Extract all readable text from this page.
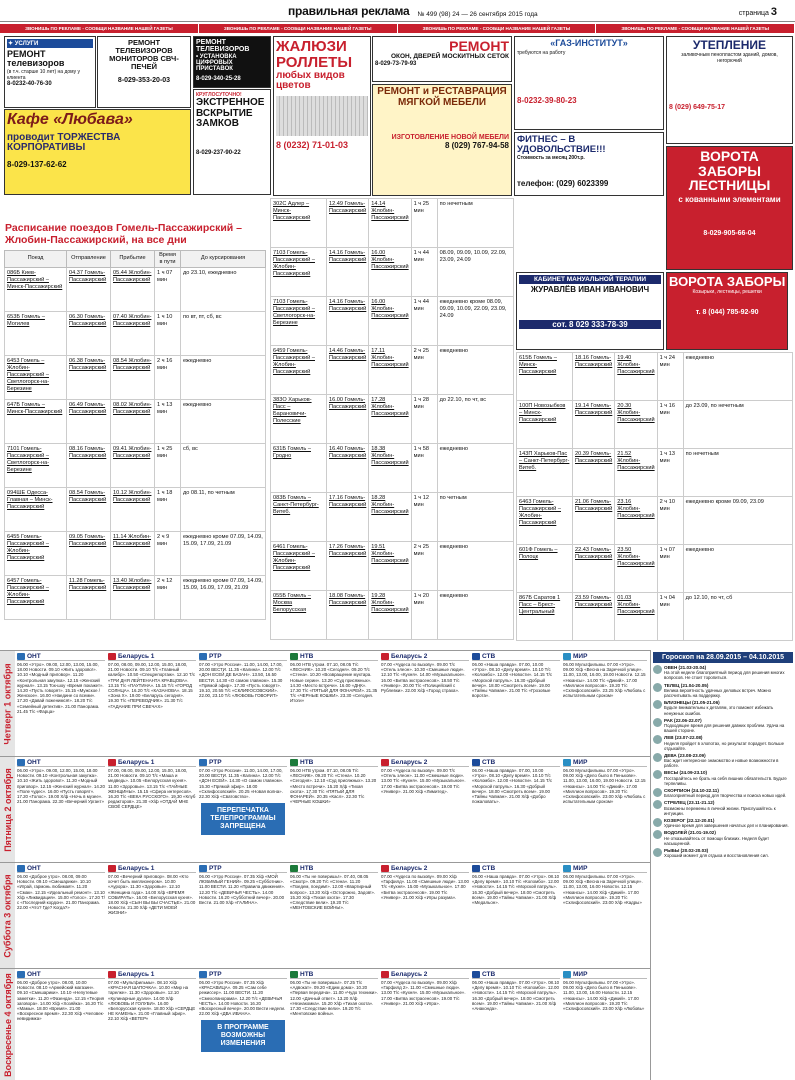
правильная реклама № 499 (98) 24 — 26 сентября 2015 года	страница 3
ЗВОНИШЬ ПО РЕКЛАМЕ - СООБЩИ НАЗВАНИЕ НАШЕЙ ГАЗЕТЫ	ЗВОНИШЬ ПО РЕКЛАМЕ - СООБЩИ НАЗВАНИЕ НАШЕЙ ГАЗЕТЫ	ЗВОНИШЬ ПО РЕКЛАМЕ - СООБЩИ НАЗВАНИЕ НАШЕЙ ГАЗЕТЫ	ЗВОНИШЬ ПО РЕКЛАМЕ - СООБЩИ НАЗВАНИЕ НАШЕЙ ГАЗЕТЫ
✦ УСЛУГИ
РЕМОНТ телевизоров
(в т.ч. старше 10 лет) на дому у клиента
8-0232-40-76-30
РЕМОНТ ТЕЛЕВИЗОРОВ МОНИТОРОВ СВЧ-ПЕЧЕЙ
8-029-353-20-03
Кафе «Любава»
проводит ТОРЖЕСТВА КОРПОРАТИВЫ
8-029-137-62-62
РЕМОНТ ТЕЛЕВИЗОРОВ
• УСТАНОВКА ЦИФРОВЫХ ПРИСТАВОК
8-029-340-25-28
КРУГЛОСУТОЧНО!
ЭКСТРЕННОЕ ВСКРЫТИЕ ЗАМКОВ
8-029-237-90-22
ЖАЛЮЗИ РОЛЛЕТЫ
любых видов цветов
8 (0232) 71-01-03
РЕМОНТ
ОКОН, ДВЕРЕЙ МОСКИТНЫХ СЕТОК
8-029-73-79-93
РЕМОНТ и РЕСТАВРАЦИЯ МЯГКОЙ МЕБЕЛИ
ИЗГОТОВЛЕНИЕ НОВОЙ МЕБЕЛИ
8 (029) 767-94-58
«ГАЗ-ИНСТИТУТ»
требуются на работу
8-0232-39-80-23
ФИТНЕС – В УДОВОЛЬСТВИЕ!!!
Стоимость за месяц 200т.р.
телефон: (029) 6023399
УТЕПЛЕНИЕ
заливочным пенопластом зданий, домов, негорючий
8 (029) 649-75-17
ВОРОТА ЗАБОРЫ ЛЕСТНИЦЫ
с кованными элементами
8-029-905-66-04
Расписание поездов Гомель-Пассажирский – Жлобин-Пассажирский, на все дни
Поезд	Отправление	Прибытие	Время в пути	До курсирования
086Б Киев-Пассажирский – Минск-Пассажирский	04.37 Гомель-Пассажирский	05.44 Жлобин-Пассажирский	1 ч 07 мин	до 23.10, ежедневно
653Б Гомель – Могилев	06.30 Гомель-Пассажирский	07.40 Жлобин-Пассажирский	1 ч 10 мин	по вт, пт, сб, вс
6453 Гомель – Жлобин-Пассажирский – Светлогорск-на-Березине	06.38 Гомель-Пассажирский	08.54 Жлобин-Пассажирский	2 ч 16 мин	ежедневно
647Б Гомель – Минск-Пассажирский	06.49 Гомель-Пассажирский	08.02 Жлобин-Пассажирский	1 ч 13 мин	ежедневно
7101 Гомель-Пассажирский – Светлогорск-на-Березине	08.16 Гомель-Пассажирский	09.41 Жлобин-Пассажирский	1 ч 25 мин	сб, вс
094ШЕ Одесса-Главная – Минск-Пассажирский	08.54 Гомель-Пассажирский	10.12 Жлобин-Пассажирский	1 ч 18 мин	до 08.11, по четным
6455 Гомель-Пассажирский – Жлобин-Пассажирский	09.05 Гомель-Пассажирский	11.14 Жлобин-Пассажирский	2 ч 9 мин	ежедневно кроме 07.09, 14.09, 15.09, 17.09, 21.09
6457 Гомель-Пассажирский – Жлобин-Пассажирский	11.28 Гомель-Пассажирский	13.40 Жлобин-Пассажирский	2 ч 12 мин	ежедневно кроме 07.09, 14.09, 15.09, 16.09, 17.09, 21.09
302С Адлер – Минск-Пассажирский	12.49 Гомель-Пассажирский	14.14 Жлобин-Пассажирский	1 ч 25 мин	по нечетным
7103 Гомель-Пассажирский – Жлобин-Пассажирский	14.16 Гомель-Пассажирский	16.00 Жлобин-Пассажирский	1 ч 44 мин	08.09, 09.09, 10.09, 22.09, 23.09, 24.09
7103 Гомель-Пассажирский – Светлогорск-на-Березине	14.16 Гомель-Пассажирский	16.00 Жлобин-Пассажирский	1 ч 44 мин	ежедневно кроме 08.09, 09.09, 10.09, 22.09, 23.09, 24.09
6459 Гомель-Пассажирский – Жлобин-Пассажирский	14.46 Гомель-Пассажирский	17.11 Жлобин-Пассажирский	2 ч 25 мин	ежедневно
383О Харьков-Пасс – Барановичи-Полесские	16.00 Гомель-Пассажирский	17.28 Жлобин-Пассажирский	1 ч 28 мин	до 22.10, по чт, вс
631Б Гомель – Гродно	16.40 Гомель-Пассажирский	18.38 Жлобин-Пассажирский	1 ч 58 мин	ежедневно
083Б Гомель – Санкт-Петербург-Витеб.	17.16 Гомель-Пассажирский	18.28 Жлобин-Пассажирский	1 ч 12 мин	по четным
6461 Гомель-Пассажирский – Жлобин-Пассажирский	17.26 Гомель-Пассажирский	19.51 Жлобин-Пассажирский	2 ч 25 мин	ежедневно
055Б Гомель – Москва Белорусская	18.08 Гомель-Пассажирский	19.28 Жлобин-Пассажирский	1 ч 20 мин	ежедневно
КАБИНЕТ МАНУАЛЬНОЙ ТЕРАПИИ
ЖУРАВЛЁВ ИВАН ИВАНОВИЧ
сот. 8 029 333-78-39
ВОРОТА ЗАБОРЫ
Козырьки, лестницы, решетки
т. 8 (044) 785-92-90
615Б Гомель – Минск-Пассажирский	18.16 Гомель-Пассажирский	19.40 Жлобин-Пассажирский	1 ч 24 мин	ежедневно
100П Новозыбков – Минск-Пассажирский	19.14 Гомель-Пассажирский	20.30 Жлобин-Пассажирский	1 ч 16 мин	до 23.09, по нечетным
143П Харьков-Пас – Санкт-Петербург-Витеб.	20.39 Гомель-Пассажирский	21.52 Жлобин-Пассажирский	1 ч 13 мин	по нечетным
6463 Гомель-Пассажирский – Жлобин-Пассажирский	21.06 Гомель-Пассажирский	23.16 Жлобин-Пассажирский	2 ч 10 мин	ежедневно кроме 09.09, 23.09
601Ф Гомель – Полоцк	22.43 Гомель-Пассажирский	23.50 Жлобин-Пассажирский	1 ч 07 мин	ежедневно
867Б Саратов 1 Пасс – Брест-Центральный	23.59 Гомель-Пассажирский	01.03 Жлобин-Пассажирский	1 ч 04 мин	до 12.10, по чт, сб
Четверг 1 октября
ОНТ
06.00 «Утро». 09.00, 12.00, 13.00, 15.00, 18.00 Новости. 09.10 «Жить здорово!». 10.10 «Модный приговор». 11.20 «Контрольная закупка». 12.15 «Женский журнал». 13.15 Ток-шоу «Время покажет». 14.20 «Пусть говорят». 15.15 «Мужское / Женское». 16.00 «Наедине со всеми». 17.20 «Давай поженимся!». 18.20 Т/с «Семейный детектив». 21.00 Панорама. 21.45 Т/с «Фарца»
Беларусь 1
07.00, 08.00, 09.00, 12.00, 15.00, 18.00, 21.00 Новости. 09.10 Т/с «Главный калибр». 10.50 «Спецрепортаж». 12.10 Т/с «ТРИ ДНЯ ЛЕЙТЕНАНТА КРАВЦОВА». 13.15 Т/с «ПАУТИНА». 15.15 Т/с «ГОРОД СОЛНЦА». 16.20 Т/с «КАЗАНОВА». 18.15 «Зона Х». 19.00 «Беларусь сегодня». 19.30 Т/с «ПЕРЕВОДЧИК». 21.30 Т/с «ГАДАНИЕ ПРИ СВЕЧАХ»
РТР
07.00 «Утро России». 11.00, 14.00, 17.00, 20.00 ВЕСТИ. 11.35 «Калина». 12.00 Т/с «ДОН ЕСЕЙ ДЕ БАЗАН». 13.50, 16.50 ВЕСТИ. 14.30 «О самом главном». 15.30 «Прямой эфир». 17.30 «Пусть говорят». 19.10, 20.55 Т/с «СКЛИФОСОВСКИЙ». 22.00, 23.10 Т/с «ЛЮБОВЬ ГОВОРИТ»
НТВ
06.00 НТВ утром. 07.10, 08.05 Т/с «ЛЕСНИК». 10.20 «Сегодня». 09.20 Т/с «Стена». 10.20 «Возвращение мухтара. Новые серии». 13.20 «Суд присяжных». 14.30 «Место встречи». 16.00 «ДНК». 17.30 Т/с «ПЯТЫЙ ДЛЯ ФОНАРЕЙ». 21.35 Т/с «ЧЕРНЫЕ КОШКИ». 23.30 «Сегодня. Итоги»
Беларусь 2
07.00 «Чудеса по вызову». 09.00 Т/с «Отель элеон». 10.30 «Смешные люди». 12.10 Т/с «Кухня». 14.00 «Музыкальное». 16.00 «Битва экстрасенсов». 18.50 Т/с «Универ». 20.00 Т/с «Полицейский с Рублевки». 22.00 Х/ф «Город страха».
СТВ
06.00 «Наша правда». 07.00, 10.00 «Утро». 08.10 «Делу время». 10.10 Т/с «Коломбо». 12.00 «Новости». 14.15 Т/с «Морской патруль». 16.30 «Добрый вечер». 18.00 «Смотреть всем». 19.00 «Тайны Чапман». 21.00 Т/с «Грозовые ворота».
МИР
06.00 Мультфильмы. 07.00 «Утро». 09.00 Х/ф «Весна на Заречной улице». 11.00, 13.00, 16.00, 19.00 Новости. 12.15 «Нюансы». 14.00 Т/с «Дикий». 17.00 «Миллион вопросов». 19.20 Т/с «Склифосовский». 23.25 Х/ф «Любовь с испытательным сроком»
Пятница 2 октября
ОНТ
06.00 «Утро». 09.00, 12.00, 15.00, 18.00 Новости. 09.10 «Контрольная закупка». 10.10 «Жить здорово!». 11.20 «Модный приговор». 12.15 «Женский журнал». 14.20 «Поле чудес». 16.00 «Пусть говорят». 17.20 «Голос». 19.00 Х/ф «Ночь в музее». 21.00 Панорама. 22.30 «Вечерний Ургант»
Беларусь 1
07.00, 08.00, 09.00, 12.00, 15.00, 18.00, 21.00 Новости. 09.10 Т/с «Маша и медведь». 10.05 «Белорусская кухня». 11.00 «Здоровье». 13.15 Т/с «ТАЙНЫЕ ЖЕНЩИНЫ». 15.15 «Сфера интересов». 16.20 Т/с «ВЕКА РУССКОГО». 19.30 «Клуб редакторов». 21.30 «Х/ф «ОТДАЙ МНЕ СВОЁ СЕРДЦЕ»
РТР
07.00 «Утро России». 11.00, 14.00, 17.00, 20.00 ВЕСТИ. 11.35 «Калина». 12.00 Т/с «ДОН ЕСЕЙ». 14.30 «О самом главном». 15.30 «Прямой эфир». 18.00 «Склифосовский». 20.25 «Новая волна». 22.30 Х/ф «Сватовство».
ПЕРЕПЕЧАТКА ТЕЛЕПРОГРАММЫ ЗАПРЕЩЕНА
НТВ
06.00 НТВ утром. 07.10, 08.05 Т/с «ЛЕСНИК». 09.20 Т/с «Стена». 10.20 «Сегодня». 12.10 «Суд присяжных». 13.20 «Место встречи». 15.20 Х/ф «Тихая охота». 17.30 Т/с «ПЯТЫЙ ДЛЯ ФОНАРЕЙ». 20.35 «Касл». 22.30 Т/с «ЧЕРНЫЕ КОШКИ»
Беларусь 2
07.00 «Чудеса по вызову». 09.00 Т/с «Отель элеон». 11.00 «Смешные люди». 13.00 Т/с «Кухня». 15.00 «Музыкальное». 17.00 «Битва экстрасенсов». 19.00 Т/с «Универ». 21.00 Х/ф «Лимитед».
СТВ
06.00 «Наша правда». 07.00, 10.00 «Утро». 08.10 «Делу время». 10.10 Т/с «Коломбо». 12.00 «Новости». 14.15 Т/с «Морской патруль». 16.30 «Добрый вечер». 18.00 «Смотреть всем». 19.00 «Тайны Чапман». 21.00 Х/ф «Добро пожаловать».
МИР
06.00 Мультфильмы. 07.00 «Утро». 09.00 Х/ф «Дело было в Пенькове». 11.00, 13.00, 16.00, 19.00 Новости. 12.15 «Нюансы». 14.00 Т/с «Дикий». 17.00 «Миллион вопросов». 19.20 Т/с «Склифосовский». 23.00 Х/ф «Любовь с испытательным сроком»
Суббота 3 октября
ОНТ
06.00 «Доброе утро». 08.00, 09.00 Новости. 09.10 «Смешарики». 10.10 «Играй, гармонь любимая!». 11.20 «Смак». 12.15 «Идеальный ремонт». 13.10 Х/ф «Ликвидация». 15.00 «Голос». 17.20 Т/с «Последний кордон». 21.00 Панорама. 22.00 «Что? Где? Когда?»
Беларусь 1
07.00 «Вечерний приговор». 08.00 «Кто хочет быть миллионером». 10.00 «Аурора». 11.30 «Здоровье». 12.10 «Женщина года». 14.00 Х/ф «ВРЕМЯ СОБИРАТЬ». 16.00 «Белорусская кухня». 18.00 Х/ф «СЫН ВЫ БЫ СЧАСТЬЕ». 21.00 Новости. 21.30 Х/ф «ДЕТИ МОЕЙ ЖИЗНИ»
РТР
06.00 «Утро России». 07.35 Х/ф «МОЙ ЛЮБИМЫЙ ГЕНИЙ». 09.25 «Субботник». 11.00 ВЕСТИ. 11.20 «Правила движения». 12.20 Т/с «ДЕВИЧЬЯ ЧЕСТЬ». 14.00 Новости. 16.20 «Субботний вечер». 20.00 Вести. 21.00 Х/ф «ГАЛИНА».
НТВ
06.00 «Ты не поверишь!». 07.40, 08.05 «Смотр». 09.20 Т/с «Стена». 11.20 «Поедем, поедим!». 12.00 «Квартирный вопрос». 13.20 Х/ф «Осторожно, Задов!». 15.20 Х/ф «Тихая охота». 17.30 «Следствие вели». 19.20 Т/с «МЕНТОВСКИЕ ВОЙНЫ».
Беларусь 2
07.00 «Чудеса по вызову». 09.00 Х/ф «Гарфилд». 11.00 «Смешные люди». 13.00 Т/с «Кухня». 15.00 «Музыкальное». 17.00 «Битва экстрасенсов». 19.00 Т/с «Универ». 21.00 Х/ф «Игры разума».
СТВ
06.00 «Наша правда». 07.00 «Утро». 08.10 «Делу время». 10.10 Т/с «Коломбо». 12.00 «Новости». 14.15 Т/с «Морской патруль». 16.30 «Добрый вечер». 18.00 «Смотреть всем». 19.00 «Тайны Чапман». 21.00 Х/ф «Медальон».
МИР
06.00 Мультфильмы. 07.00 «Утро». 09.00 Х/ф «Весна на Заречной улице». 11.00, 13.00, 16.00 Новости. 12.15 «Нюансы». 14.00 Х/ф «Дикий». 17.00 «Миллион вопросов». 19.20 Т/с «Склифосовский». 23.00 Х/ф «Кадры»
Воскресенье 4 октября ОНТ
06.00 «Доброе утро». 08.00, 10.00 Новости. 08.10 «Армейский магазин». 09.10 «Смешарики». 10.10 «Непутевые заметки». 11.20 «Фазенда». 12.15 «Теория заговора». 14.00 Х/ф «Хозяйка». 16.20 Т/с «Мамы». 18.00 «Время». 21.00 «Воскресное время». 22.30 Х/ф «Человек-невидимка»
Беларусь 1
07.00 «Мультфильмы». 08.10 Х/ф «КРАСНАЯ ШАПОЧКА». 10.00 «Мир на тарелке». 11.30 «Здоровье». 12.10 «Кулинарные дуэли». 14.00 Х/ф «ЛЮБОВЬ И ГОЛУБИ». 16.00 «Белорусская кухня». 18.00 Х/ф «СЕРДЦЕ НЕ КАМЕНЬ». 21.00 «Главный эфир». 22.10 Х/ф «ВЕТЕР»
РТР
06.00 «Утро России». 07.35 Х/ф «КРАСАВИЦА». 09.25 «Сам себе режиссер». 11.00 ВЕСТИ. 11.20 «Смехопанорама». 12.20 Т/с «ДЕВИЧЬЯ ЧЕСТЬ». 14.00 Новости. 16.20 «Воскресный вечер». 20.00 Вести недели. 22.00 Х/ф «ДВА ИВАНА».
В ПРОГРАММЕ ВОЗМОЖНЫ ИЗМЕНЕНИЯ
НТВ
06.00 «Ты не поверишь!». 07.25 Т/с «Адвокат». 09.20 «Едим дома». 10.20 «Первая передача». 11.00 «Чудо техники». 12.00 «Дачный ответ». 13.20 Х/ф «Незнакомка». 15.20 Х/ф «Тихая охота». 17.30 «Следствие вели». 19.20 Т/с «Ментовские войны».
Беларусь 2
07.00 «Чудеса по вызову». 09.00 Х/ф «Гарфилд 2». 11.00 «Смешные люди». 13.00 Т/с «Кухня». 15.00 «Музыкальное». 17.00 «Битва экстрасенсов». 19.00 Т/с «Универ». 21.00 Х/ф «Игра».
СТВ
06.00 «Наша правда». 07.00 «Утро». 08.10 «Делу время». 10.10 Т/с «Коломбо». 12.00 «Новости». 14.15 Т/с «Морской патруль». 16.30 «Добрый вечер». 18.00 «Смотреть всем». 19.00 «Тайны Чапман». 21.00 Х/ф «Анаконда».
МИР
06.00 Мультфильмы. 07.00 «Утро». 09.00 Х/ф «Дело было в Пенькове». 11.00, 13.00, 16.00 Новости. 12.15 «Нюансы». 14.00 Х/ф «Дикий». 17.00 «Миллион вопросов». 19.20 Т/с «Склифосовский». 23.00 Х/ф «Любовь»
Гороскоп на 28.09.2015 – 04.10.2015
ОВЕН (21.03-20.04)
На этой неделе благоприятный период для решения многих вопросов. Не стоит торопиться.
ТЕЛЕЦ (21.04-20.05)
Велика вероятность удачных деловых встреч. Можно рассчитывать на поддержку.
БЛИЗНЕЦЫ (21.05-21.06)
Будьте внимательны к деталям, это поможет избежать ненужных ошибок.
РАК (22.06-22.07)
Подходящее время для решения давних проблем. Удача на вашей стороне.
ЛЕВ (23.07-22.08)
Неделя пройдет в хлопотах, но результат порадует. Больше отдыхайте.
ДЕВА (23.08-23.09)
Вас ждет интересное знакомство и новые возможности в работе.
ВЕСЫ (24.09-23.10)
Постарайтесь не брать на себя лишних обязательств. Будьте терпеливы.
СКОРПИОН (24.10-22.11)
Благоприятный период для творчества и поиска новых идей.
СТРЕЛЕЦ (23.11-21.12)
Возможны перемены в личной жизни. Прислушайтесь к интуиции.
КОЗЕРОГ (22.12-20.01)
Удачное время для завершения начатых дел и планирования.
ВОДОЛЕЙ (21.01-19.02)
Не отказывайтесь от помощи близких. Неделя будет насыщенной.
РЫБЫ (20.02-20.03)
Хороший момент для отдыха и восстановления сил.
